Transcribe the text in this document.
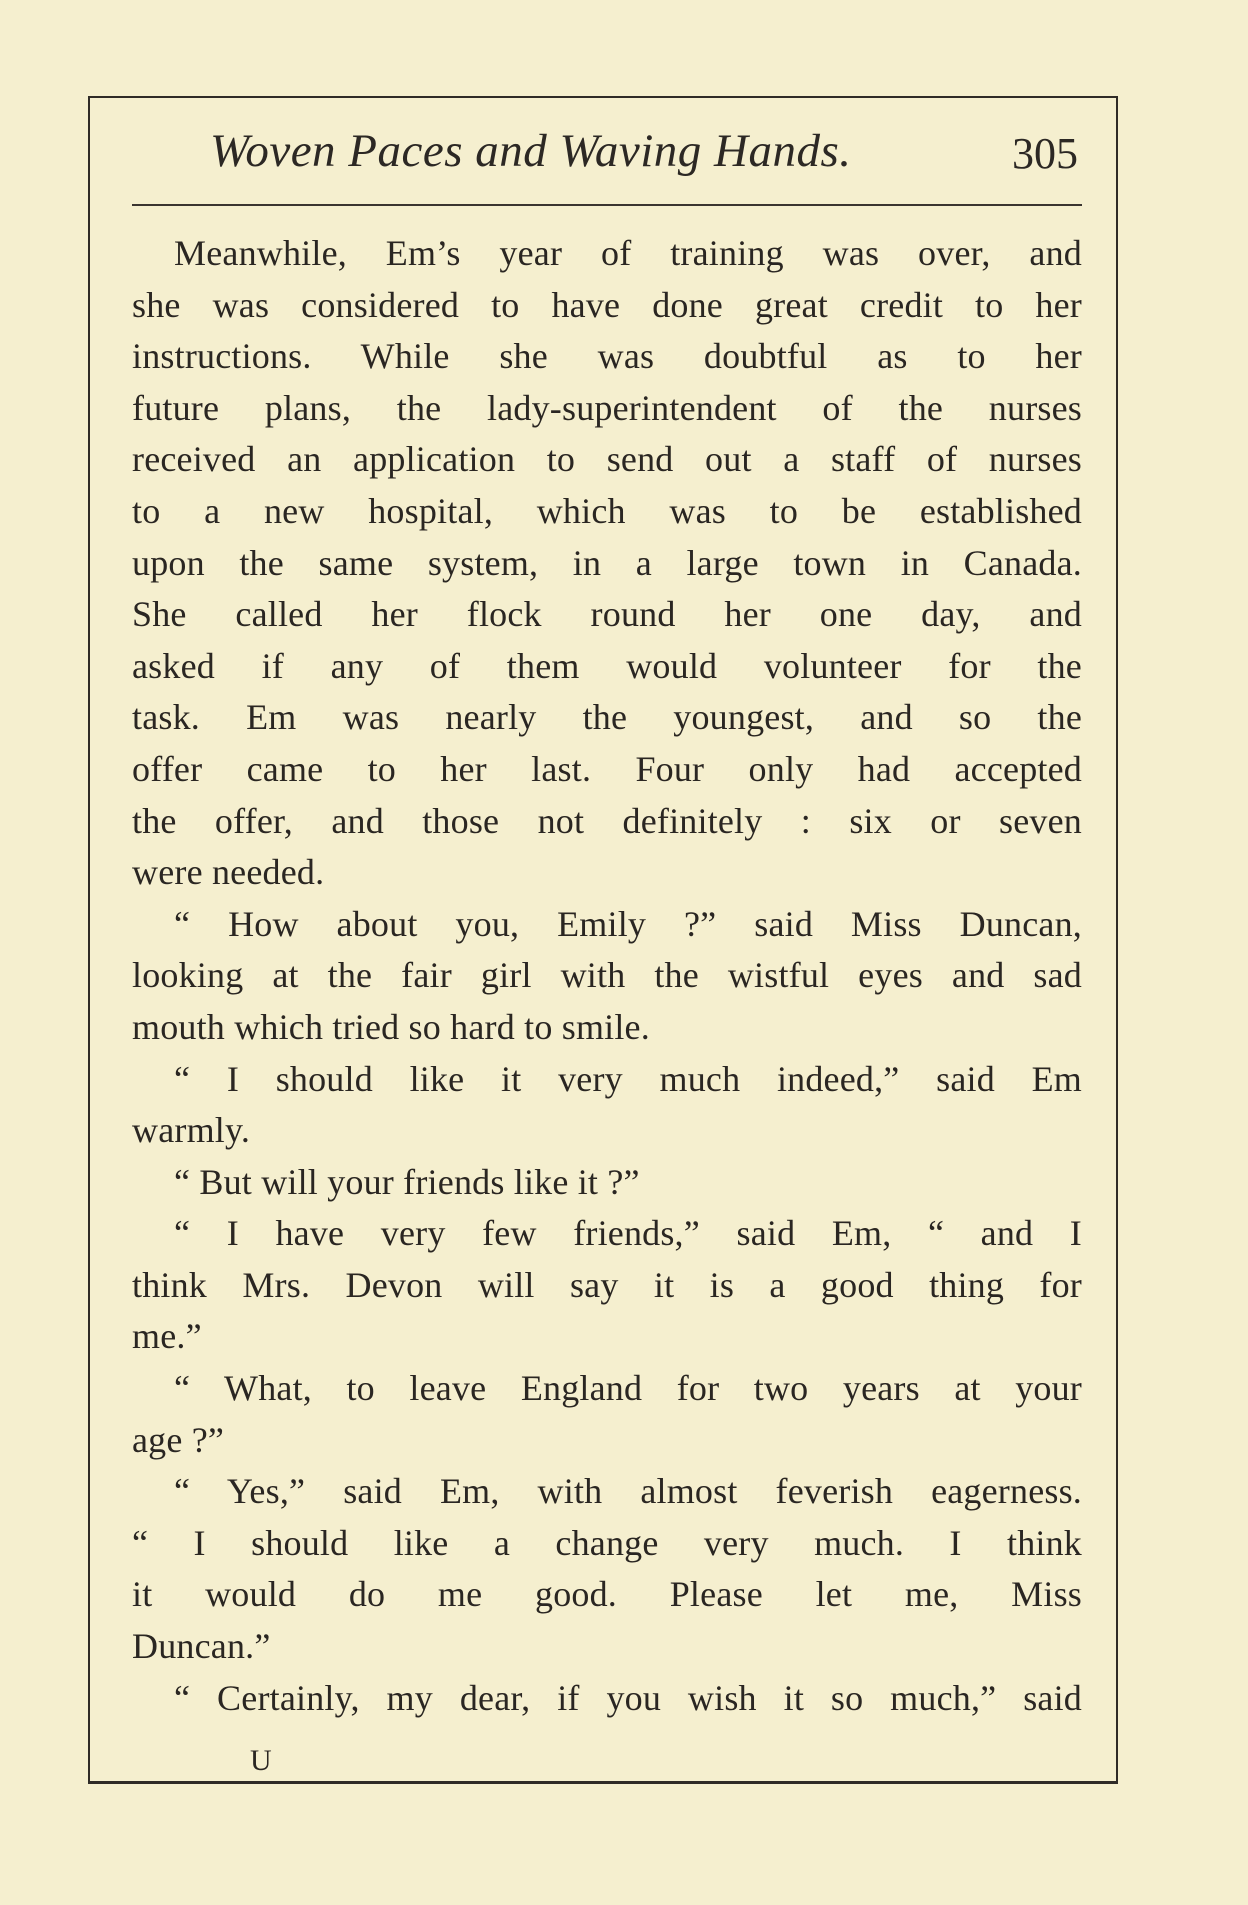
Woven Paces and Waving Hands.	305
Meanwhile, Em’s year of training was over, and
she was considered to have done great credit to her
instructions. While she was doubtful as to her
future plans, the lady-superintendent of the nurses
received an application to send out a staff of nurses
to a new hospital, which was to be established
upon the same system, in a large town in Canada.
She called her flock round her one day, and
asked if any of them would volunteer for the
task. Em was nearly the youngest, and so the
offer came to her last. Four only had accepted
the offer, and those not definitely : six or seven
were needed.
“ How about you, Emily ?” said Miss Duncan,
looking at the fair girl with the wistful eyes and sad
mouth which tried so hard to smile.
“ I should like it very much indeed,” said Em
warmly.
“ But will your friends like it ?”
“ I have very few friends,” said Em, “ and I
think Mrs. Devon will say it is a good thing for
me.”
“ What, to leave England for two years at your
age ?”
“ Yes,” said Em, with almost feverish eagerness.
“ I should like a change very much. I think
it would do me good. Please let me, Miss
Duncan.”
“ Certainly, my dear, if you wish it so much,” said
U
